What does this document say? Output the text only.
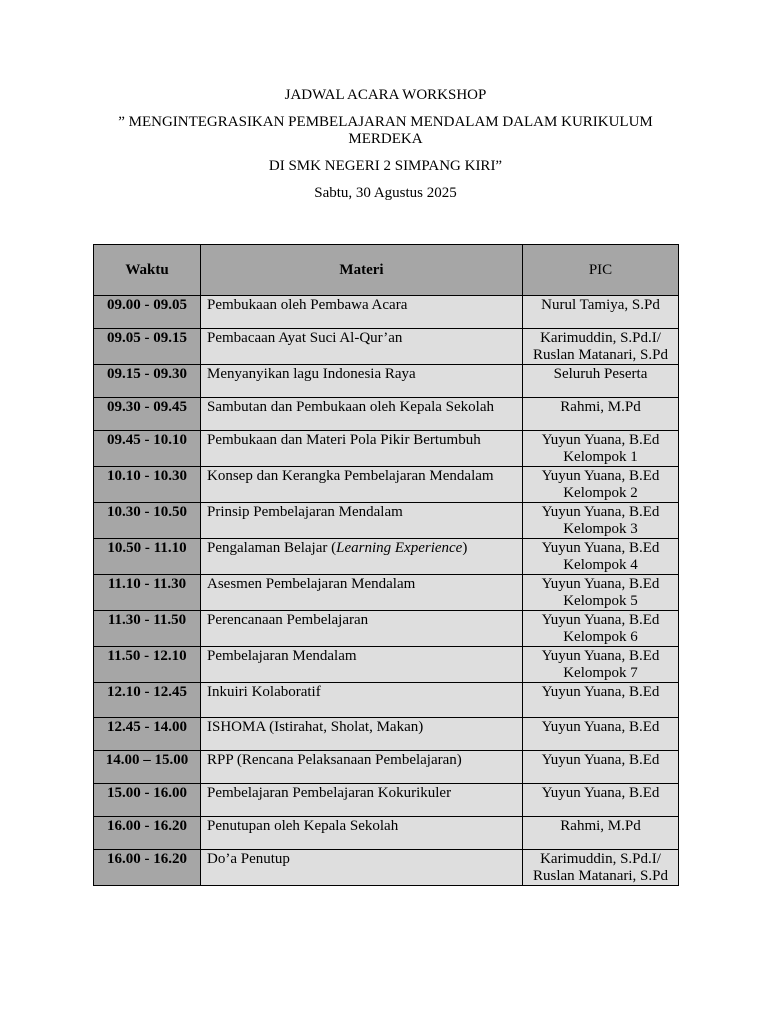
JADWAL ACARA WORKSHOP

” MENGINTEGRASIKAN PEMBELAJARAN MENDALAM DALAM KURIKULUM MERDEKA

DI SMK NEGERI 2 SIMPANG KIRI”

Sabtu, 30 Agustus 2025

Waktu	Materi	PIC
09.00 - 09.05	Pembukaan oleh Pembawa Acara	Nurul Tamiya, S.Pd

09.05 - 09.15	Pembacaan Ayat Suci Al-Qur’an	Karimuddin, S.Pd.I/
Ruslan Matanari, S.Pd

09.15 - 09.30	Menyanyikan lagu Indonesia Raya	Seluruh Peserta

09.30 - 09.45	Sambutan dan Pembukaan oleh Kepala Sekolah	Rahmi, M.Pd

09.45 - 10.10	Pembukaan dan Materi Pola Pikir Bertumbuh	Yuyun Yuana, B.Ed
Kelompok 1

10.10 - 10.30	Konsep dan Kerangka Pembelajaran Mendalam	Yuyun Yuana, B.Ed
Kelompok 2

10.30 - 10.50	Prinsip Pembelajaran Mendalam	Yuyun Yuana, B.Ed
Kelompok 3

10.50 - 11.10	Pengalaman Belajar (Learning Experience)	Yuyun Yuana, B.Ed
Kelompok 4

11.10 - 11.30	Asesmen Pembelajaran Mendalam	Yuyun Yuana, B.Ed
Kelompok 5

11.30 - 11.50	Perencanaan Pembelajaran	Yuyun Yuana, B.Ed
Kelompok 6

11.50 - 12.10	Pembelajaran Mendalam	Yuyun Yuana, B.Ed
Kelompok 7

12.10 - 12.45	Inkuiri Kolaboratif	Yuyun Yuana, B.Ed

12.45 - 14.00	ISHOMA (Istirahat, Sholat, Makan)	Yuyun Yuana, B.Ed

14.00 – 15.00	RPP (Rencana Pelaksanaan Pembelajaran)	Yuyun Yuana, B.Ed

15.00 - 16.00	Pembelajaran Pembelajaran Kokurikuler	Yuyun Yuana, B.Ed

16.00 - 16.20	Penutupan oleh Kepala Sekolah	Rahmi, M.Pd

16.00 - 16.20	Do’a Penutup	Karimuddin, S.Pd.I/
Ruslan Matanari, S.Pd
